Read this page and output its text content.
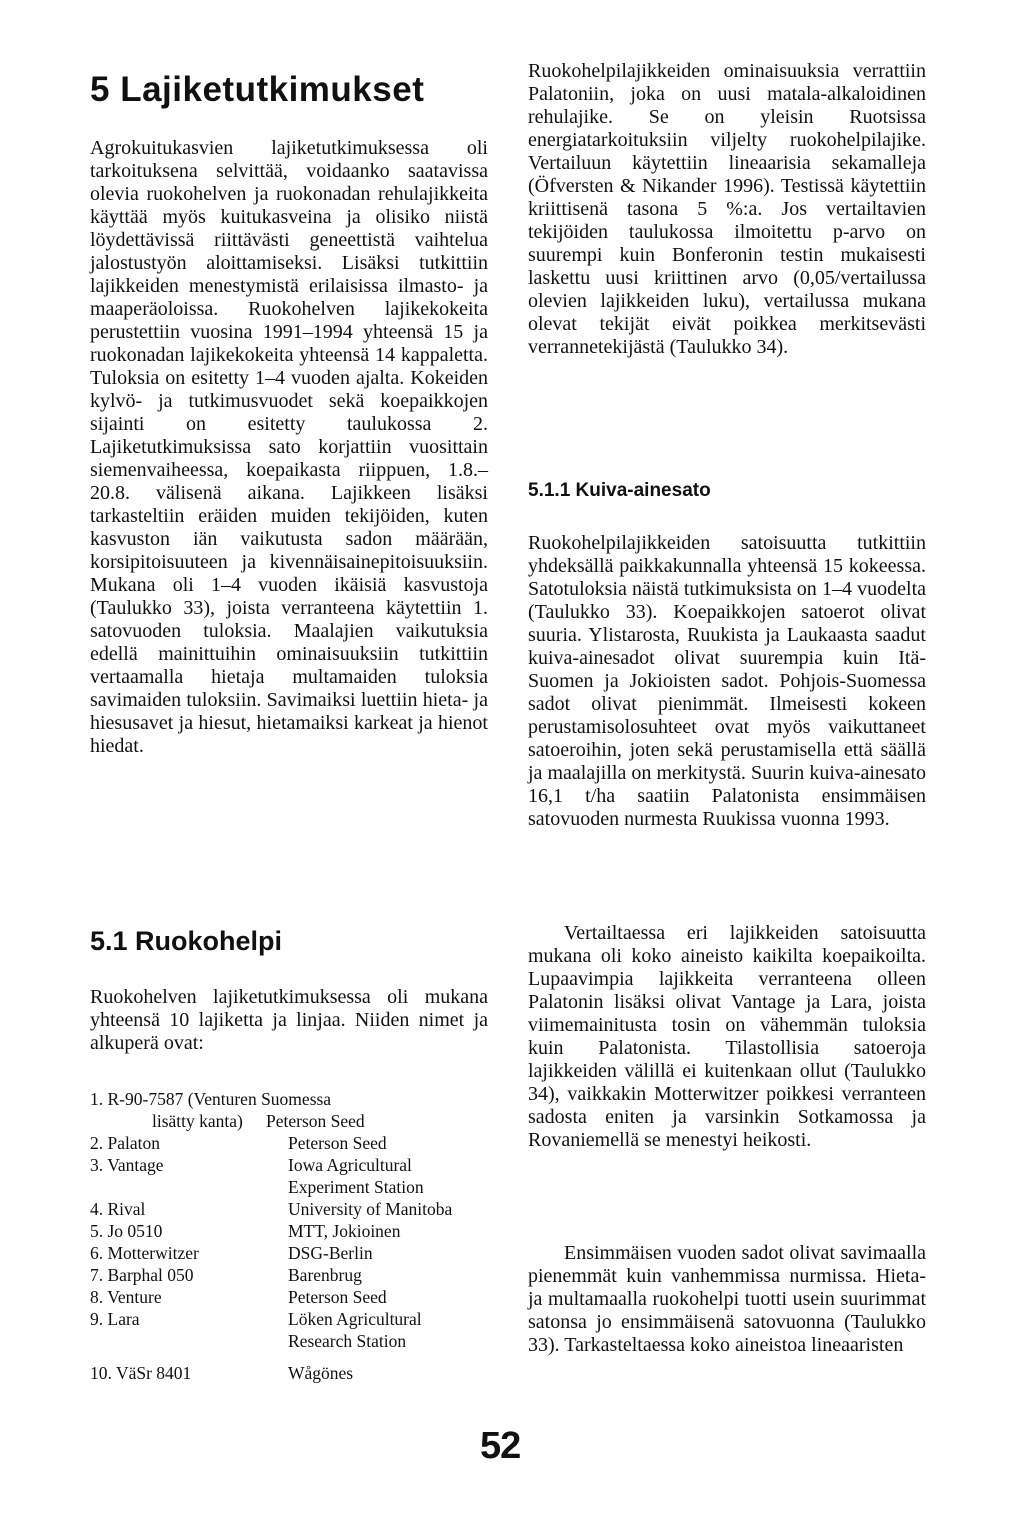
5 Lajiketutkimukset

Agrokuitukasvien lajiketutkimuksessa oli tarkoituksena selvittää, voidaanko saatavissa olevia ruokohelven ja ruokonadan rehulajikkeita käyttää myös kuitukasveina ja olisiko niistä löydettävissä riittävästi geneettistä vaihtelua jalostustyön aloittamiseksi. Lisäksi tutkittiin lajikkeiden menestymistä erilaisissa ilmasto- ja maaperäoloissa. Ruokohelven lajikekokeita perustettiin vuosina 1991–1994 yhteensä 15 ja ruokonadan lajikekokeita yhteensä 14 kappaletta. Tuloksia on esitetty 1–4 vuoden ajalta. Kokeiden kylvö- ja tutkimusvuodet sekä koepaikkojen sijainti on esitetty taulukossa 2. Lajiketutkimuksissa sato korjattiin vuosittain siemenvaiheessa, koepaikasta riippuen, 1.8.–20.8. välisenä aikana. Lajikkeen lisäksi tarkasteltiin eräiden muiden tekijöiden, kuten kasvuston iän vaikutusta sadon määrään, korsipitoisuuteen ja kivennäisainepitoisuuksiin. Mukana oli 1–4 vuoden ikäisiä kasvustoja (Taulukko 33), joista verranteena käytettiin 1. satovuoden tuloksia. Maalajien vaikutuksia edellä mainittuihin ominaisuuksiin tutkittiin vertaamalla hietaja multamaiden tuloksia savimaiden tuloksiin. Savimaiksi luettiin hieta- ja hiesusavet ja hiesut, hietamaiksi karkeat ja hienot hiedat.

5.1 Ruokohelpi

Ruokohelven lajiketutkimuksessa oli mukana yhteensä 10 lajiketta ja linjaa. Niiden nimet ja alkuperä ovat:

1. R-90-7587 (Venturen Suomessa
lisätty kanta) Peterson Seed
2. Palaton	Peterson Seed
3. Vantage	Iowa Agricultural
Experiment Station
4. Rival	University of Manitoba
5. Jo 0510	MTT, Jokioinen
6. Motterwitzer	DSG-Berlin
7. Barphal 050	Barenbrug
8. Venture	Peterson Seed
9. Lara	Löken Agricultural
Research Station
10. VäSr 8401	Wågönes

Ruokohelpilajikkeiden ominaisuuksia verrattiin Palatoniin, joka on uusi matala-alkaloidinen rehulajike. Se on yleisin Ruotsissa energiatarkoituksiin viljelty ruokohelpilajike. Vertailuun käytettiin lineaarisia sekamalleja (Öfversten & Nikander 1996). Testissä käytettiin kriittisenä tasona 5 %:a. Jos vertailtavien tekijöiden taulukossa ilmoitettu p-arvo on suurempi kuin Bonferonin testin mukaisesti laskettu uusi kriittinen arvo (0,05/vertailussa olevien lajikkeiden luku), vertailussa mukana olevat tekijät eivät poikkea merkitsevästi verrannetekijästä (Taulukko 34).

5.1.1 Kuiva-ainesato

Ruokohelpilajikkeiden satoisuutta tutkittiin yhdeksällä paikkakunnalla yhteensä 15 kokeessa. Satotuloksia näistä tutkimuksista on 1–4 vuodelta (Taulukko 33). Koepaikkojen satoerot olivat suuria. Ylistarosta, Ruukista ja Laukaasta saadut kuiva-ainesadot olivat suurempia kuin Itä-Suomen ja Jokioisten sadot. Pohjois-Suomessa sadot olivat pienimmät. Ilmeisesti kokeen perustamisolosuhteet ovat myös vaikuttaneet satoeroihin, joten sekä perustamisella että säällä ja maalajilla on merkitystä. Suurin kuiva-ainesato 16,1 t/ha saatiin Palatonista ensimmäisen satovuoden nurmesta Ruukissa vuonna 1993.

Vertailtaessa eri lajikkeiden satoisuutta mukana oli koko aineisto kaikilta koepaikoilta. Lupaavimpia lajikkeita verranteena olleen Palatonin lisäksi olivat Vantage ja Lara, joista viimemainitusta tosin on vähemmän tuloksia kuin Palatonista. Tilastollisia satoeroja lajikkeiden välillä ei kuitenkaan ollut (Taulukko 34), vaikkakin Motterwitzer poikkesi verranteen sadosta eniten ja varsinkin Sotkamossa ja Rovaniemellä se menestyi heikosti.

Ensimmäisen vuoden sadot olivat savimaalla pienemmät kuin vanhemmissa nurmissa. Hieta- ja multamaalla ruokohelpi tuotti usein suurimmat satonsa jo ensimmäisenä satovuonna (Taulukko 33). Tarkasteltaessa koko aineistoa lineaaristen

52
